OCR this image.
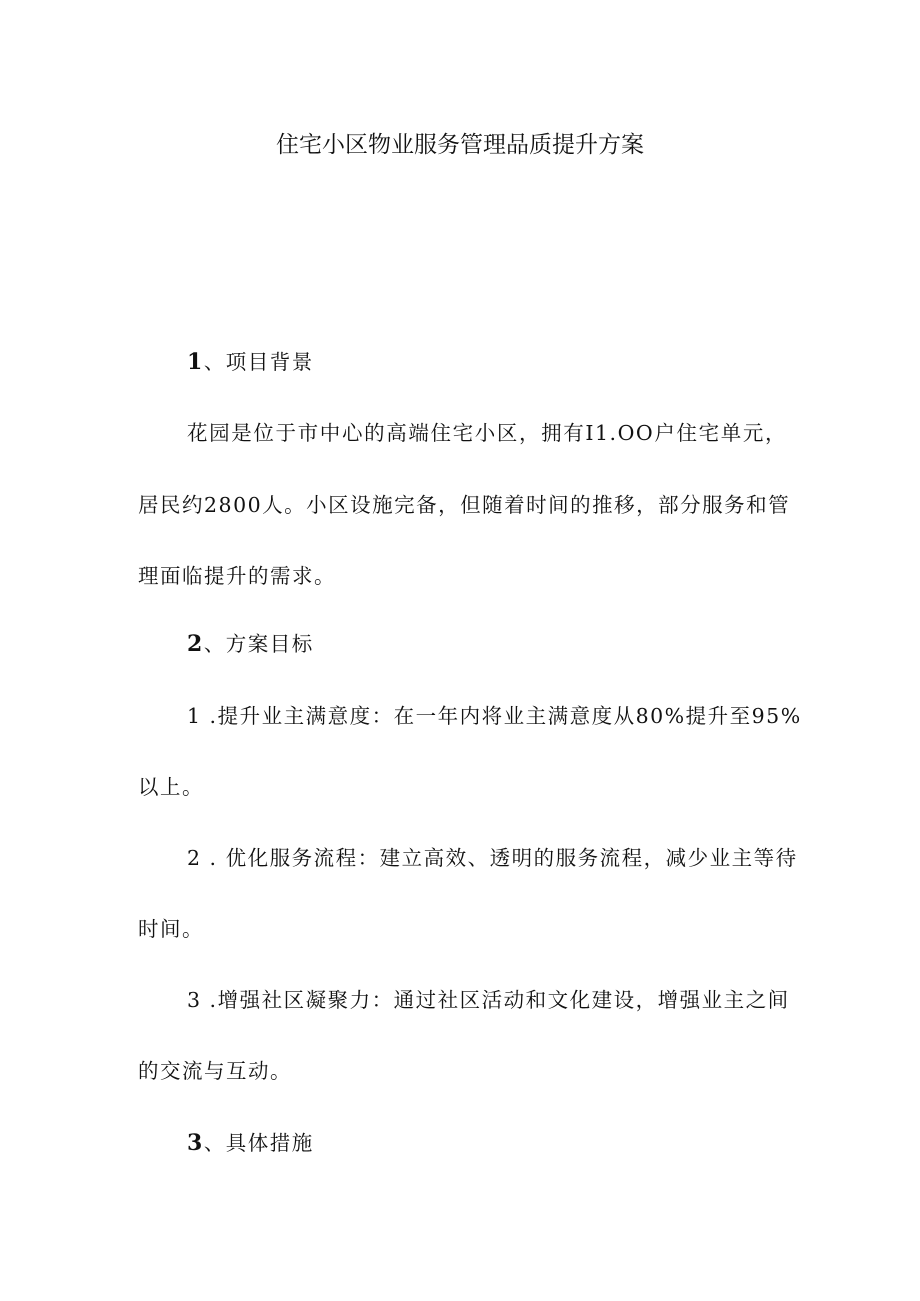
住宅小区物业服务管理品质提升方案
1、项目背景
花园是位于市中心的高端住宅小区，拥有I1.OO户住宅单元，
居民约2800人。小区设施完备，但随着时间的推移，部分服务和管
理面临提升的需求。
2、方案目标
1 .提升业主满意度：在一年内将业主满意度从80%提升至95%
以上。
2 . 优化服务流程：建立高效、透明的服务流程，减少业主等待
时间。
3 .增强社区凝聚力：通过社区活动和文化建设，增强业主之间
的交流与互动。
3、具体措施
